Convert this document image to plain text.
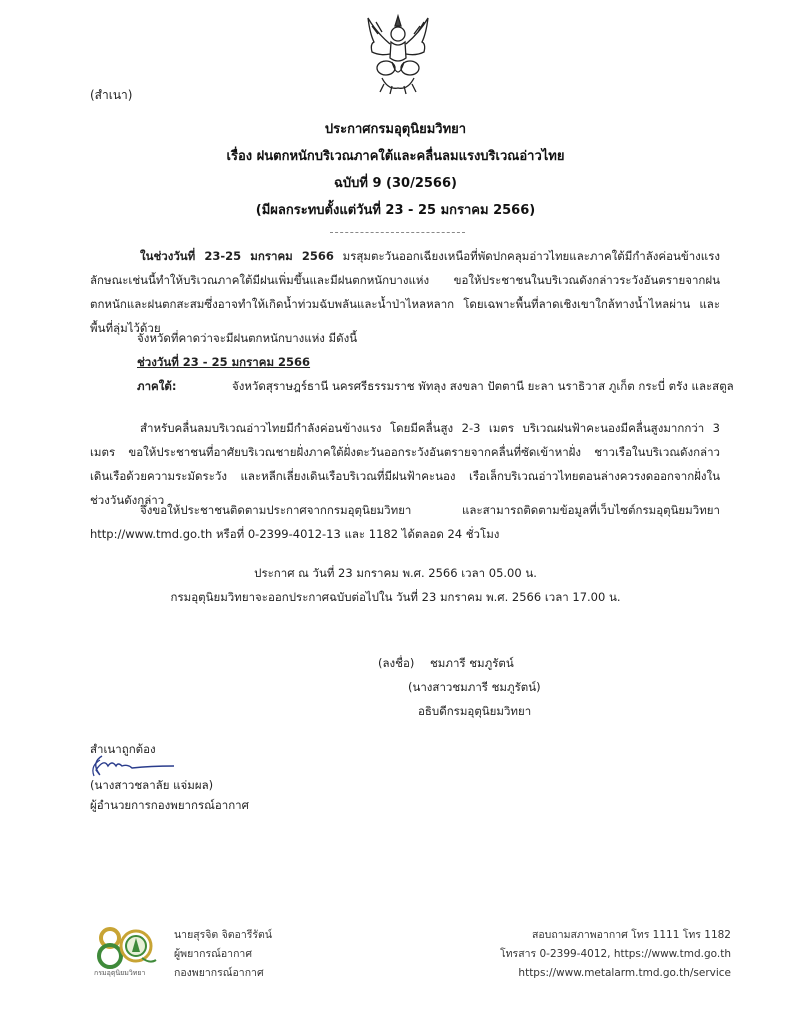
(สำเนา)
ประกาศกรมอุตุนิยมวิทยา
เรื่อง ฝนตกหนักบริเวณภาคใต้และคลื่นลมแรงบริเวณอ่าวไทย
ฉบับที่ 9 (30/2566)
(มีผลกระทบตั้งแต่วันที่ 23 - 25 มกราคม 2566)
ในช่วงวันที่ 23-25 มกราคม 2566 มรสุมตะวันออกเฉียงเหนือที่พัดปกคลุมอ่าวไทยและภาคใต้มีกำลังค่อนข้างแรง ลักษณะเช่นนี้ทำให้บริเวณภาคใต้มีฝนเพิ่มขึ้นและมีฝนตกหนักบางแห่ง ขอให้ประชาชนในบริเวณดังกล่าวระวังอันตรายจากฝนตกหนักและฝนตกสะสมซึ่งอาจทำให้เกิดน้ำท่วมฉับพลันและน้ำป่าไหลหลาก โดยเฉพาะพื้นที่ลาดเชิงเขาใกล้ทางน้ำไหลผ่าน และพื้นที่ลุ่มไว้ด้วย
จังหวัดที่คาดว่าจะมีฝนตกหนักบางแห่ง มีดังนี้
ช่วงวันที่ 23 - 25 มกราคม 2566
ภาคใต้:	จังหวัดสุราษฎร์ธานี นครศรีธรรมราช พัทลุง สงขลา ปัตตานี ยะลา นราธิวาส ภูเก็ต กระบี่ ตรัง และสตูล
สำหรับคลื่นลมบริเวณอ่าวไทยมีกำลังค่อนข้างแรง โดยมีคลื่นสูง 2-3 เมตร บริเวณฝนฟ้าคะนองมีคลื่นสูงมากกว่า 3 เมตร ขอให้ประชาชนที่อาศัยบริเวณชายฝั่งภาคใต้ฝั่งตะวันออกระวังอันตรายจากคลื่นที่ซัดเข้าหาฝั่ง ชาวเรือในบริเวณดังกล่าวเดินเรือด้วยความระมัดระวัง และหลีกเลี่ยงเดินเรือบริเวณที่มีฝนฟ้าคะนอง เรือเล็กบริเวณอ่าวไทยตอนล่างควรงดออกจากฝั่งในช่วงวันดังกล่าว
จึงขอให้ประชาชนติดตามประกาศจากกรมอุตุนิยมวิทยา และสามารถติดตามข้อมูลที่เว็บไซต์กรมอุตุนิยมวิทยา http://www.tmd.go.th หรือที่ 0-2399-4012-13 และ 1182 ได้ตลอด 24 ชั่วโมง
ประกาศ ณ วันที่ 23 มกราคม พ.ศ. 2566 เวลา 05.00 น.
กรมอุตุนิยมวิทยาจะออกประกาศฉบับต่อไปใน วันที่ 23 มกราคม พ.ศ. 2566 เวลา 17.00 น.
(ลงชื่อ) ชมภารี ชมภูรัตน์
(นางสาวชมภารี ชมภูรัตน์)
อธิบดีกรมอุตุนิยมวิทยา
สำเนาถูกต้อง
(นางสาวชลาลัย แจ่มผล)
ผู้อำนวยการกองพยากรณ์อากาศ
กรมอุตุนิยมวิทยา
นายสุรจิต จิตอารีรัตน์
ผู้พยากรณ์อากาศ
กองพยากรณ์อากาศ
สอบถามสภาพอากาศ โทร 1111 โทร 1182
โทรสาร 0-2399-4012, https://www.tmd.go.th
https://www.metalarm.tmd.go.th/service
